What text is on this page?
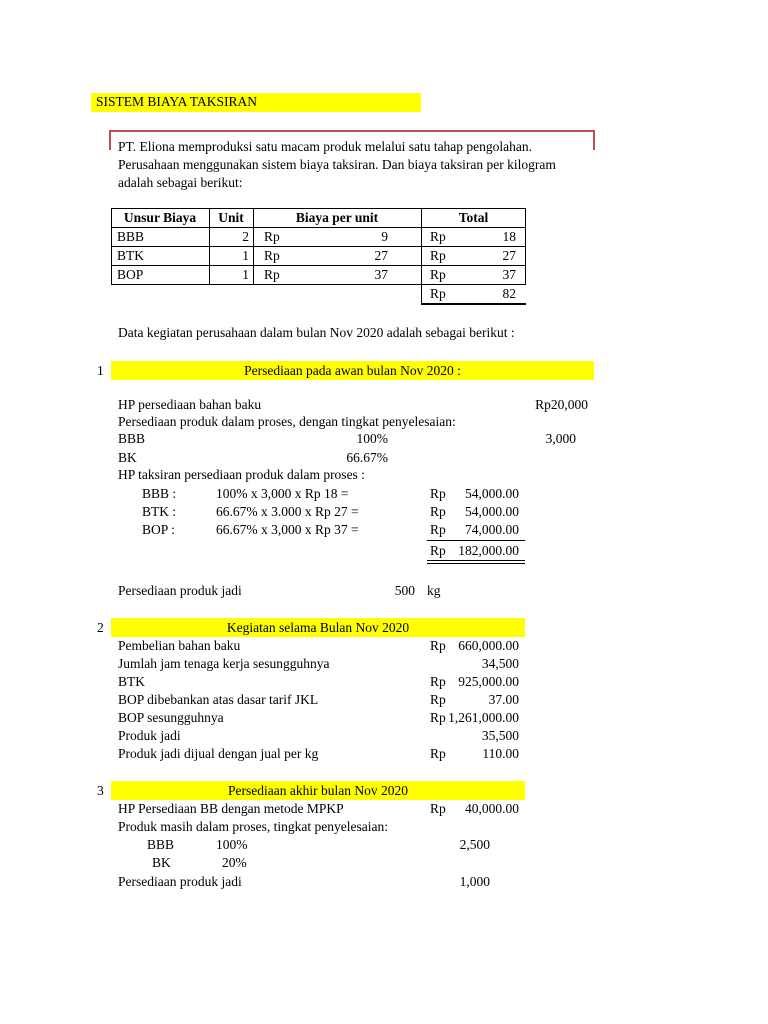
SISTEM BIAYA TAKSIRAN
PT. Eliona memproduksi satu macam produk melalui satu tahap pengolahan.
Perusahaan menggunakan sistem biaya taksiran. Dan biaya taksiran per kilogram
adalah sebagai berikut:
Unsur Biaya	Unit	Biaya per unit	Total
BBB	2 Rp	9	Rp	18
BTK	1 Rp	27	Rp	27
BOP	1 Rp	37	Rp	37
Rp	82
Data kegiatan perusahaan dalam bulan Nov 2020 adalah sebagai berikut :
1	Persediaan pada awan bulan Nov 2020 :
HP persediaan bahan baku	Rp20,000
Persediaan produk dalam proses, dengan tingkat penyelesaian:
BBB	100%	3,000
BK	66.67%
HP taksiran persediaan produk dalam proses :
BBB :	100% x 3,000 x Rp 18 =	Rp	54,000.00
BTK :	66.67% x 3.000 x Rp 27 =	Rp	54,000.00
BOP :	66.67% x 3,000 x Rp 37 =	Rp	74,000.00
Rp 182,000.00
Persediaan produk jadi	500 kg
2	Kegiatan selama Bulan Nov 2020
Pembelian bahan baku	Rp 660,000.00
Jumlah jam tenaga kerja sesungguhnya	34,500
BTK	Rp 925,000.00
BOP dibebankan atas dasar tarif JKL	Rp	37.00
BOP sesungguhnya	Rp 1,261,000.00
Produk jadi	35,500
Produk jadi dijual dengan jual per kg	Rp	110.00
3	Persediaan akhir bulan Nov 2020
HP Persediaan BB dengan metode MPKP	Rp	40,000.00
Produk masih dalam proses, tingkat penyelesaian:
BBB	100%	2,500
BK	20%
Persediaan produk jadi	1,000
